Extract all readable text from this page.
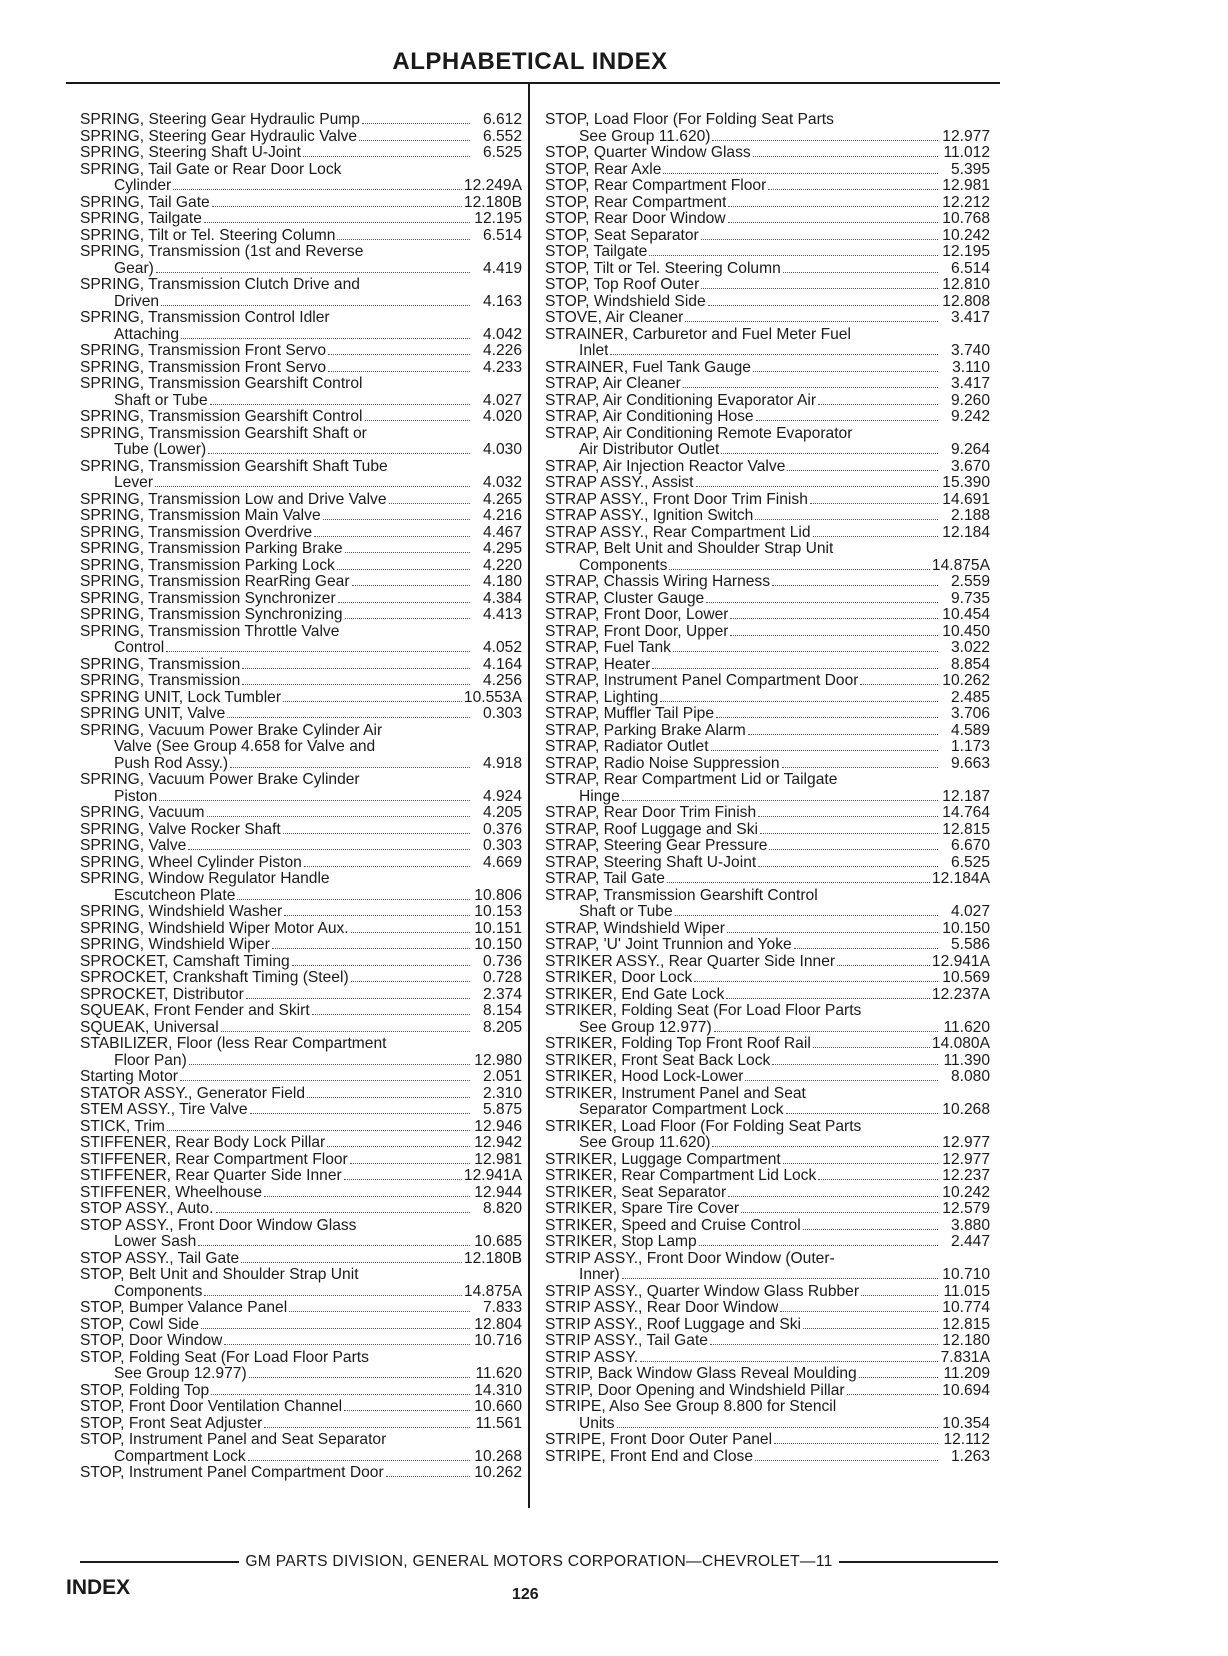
ALPHABETICAL INDEX
SPRING, Steering Gear Hydraulic Pump	6.612
SPRING, Steering Gear Hydraulic Valve	6.552
SPRING, Steering Shaft U-Joint	6.525
SPRING, Tail Gate or Rear Door Lock
Cylinder	12.249A
SPRING, Tail Gate	12.180B
SPRING, Tailgate	12.195
SPRING, Tilt or Tel. Steering Column	6.514
SPRING, Transmission (1st and Reverse
Gear)	4.419
SPRING, Transmission Clutch Drive and
Driven	4.163
SPRING, Transmission Control Idler
Attaching	4.042
SPRING, Transmission Front Servo	4.226
SPRING, Transmission Front Servo	4.233
SPRING, Transmission Gearshift Control
Shaft or Tube	4.027
SPRING, Transmission Gearshift Control	4.020
SPRING, Transmission Gearshift Shaft or
Tube (Lower)	4.030
SPRING, Transmission Gearshift Shaft Tube
Lever	4.032
SPRING, Transmission Low and Drive Valve	4.265
SPRING, Transmission Main Valve	4.216
SPRING, Transmission Overdrive	4.467
SPRING, Transmission Parking Brake	4.295
SPRING, Transmission Parking Lock	4.220
SPRING, Transmission RearRing Gear	4.180
SPRING, Transmission Synchronizer	4.384
SPRING, Transmission Synchronizing	4.413
SPRING, Transmission Throttle Valve
Control	4.052
SPRING, Transmission	4.164
SPRING, Transmission	4.256
SPRING UNIT, Lock Tumbler	10.553A
SPRING UNIT, Valve	0.303
SPRING, Vacuum Power Brake Cylinder Air
Valve (See Group 4.658 for Valve and
Push Rod Assy.)	4.918
SPRING, Vacuum Power Brake Cylinder
Piston	4.924
SPRING, Vacuum	4.205
SPRING, Valve Rocker Shaft	0.376
SPRING, Valve	0.303
SPRING, Wheel Cylinder Piston	4.669
SPRING, Window Regulator Handle
Escutcheon Plate	10.806
SPRING, Windshield Washer	10.153
SPRING, Windshield Wiper Motor Aux.	10.151
SPRING, Windshield Wiper	10.150
SPROCKET, Camshaft Timing	0.736
SPROCKET, Crankshaft Timing (Steel)	0.728
SPROCKET, Distributor	2.374
SQUEAK, Front Fender and Skirt	8.154
SQUEAK, Universal	8.205
STABILIZER, Floor (less Rear Compartment
Floor Pan)	12.980
Starting Motor	2.051
STATOR ASSY., Generator Field	2.310
STEM ASSY., Tire Valve	5.875
STICK, Trim	12.946
STIFFENER, Rear Body Lock Pillar	12.942
STIFFENER, Rear Compartment Floor	12.981
STIFFENER, Rear Quarter Side Inner	12.941A
STIFFENER, Wheelhouse	12.944
STOP ASSY., Auto.	8.820
STOP ASSY., Front Door Window Glass
Lower Sash	10.685
STOP ASSY., Tail Gate	12.180B
STOP, Belt Unit and Shoulder Strap Unit
Components	14.875A
STOP, Bumper Valance Panel	7.833
STOP, Cowl Side	12.804
STOP, Door Window	10.716
STOP, Folding Seat (For Load Floor Parts
See Group 12.977)	11.620
STOP, Folding Top	14.310
STOP, Front Door Ventilation Channel	10.660
STOP, Front Seat Adjuster	11.561
STOP, Instrument Panel and Seat Separator
Compartment Lock	10.268
STOP, Instrument Panel Compartment Door	10.262
STOP, Load Floor (For Folding Seat Parts
See Group 11.620)	12.977
STOP, Quarter Window Glass	11.012
STOP, Rear Axle	5.395
STOP, Rear Compartment Floor	12.981
STOP, Rear Compartment	12.212
STOP, Rear Door Window	10.768
STOP, Seat Separator	10.242
STOP, Tailgate	12.195
STOP, Tilt or Tel. Steering Column	6.514
STOP, Top Roof Outer	12.810
STOP, Windshield Side	12.808
STOVE, Air Cleaner	3.417
STRAINER, Carburetor and Fuel Meter Fuel
Inlet	3.740
STRAINER, Fuel Tank Gauge	3.110
STRAP, Air Cleaner	3.417
STRAP, Air Conditioning Evaporator Air	9.260
STRAP, Air Conditioning Hose	9.242
STRAP, Air Conditioning Remote Evaporator
Air Distributor Outlet	9.264
STRAP, Air Injection Reactor Valve	3.670
STRAP ASSY., Assist	15.390
STRAP ASSY., Front Door Trim Finish	14.691
STRAP ASSY., Ignition Switch	2.188
STRAP ASSY., Rear Compartment Lid	12.184
STRAP, Belt Unit and Shoulder Strap Unit
Components	14.875A
STRAP, Chassis Wiring Harness	2.559
STRAP, Cluster Gauge	9.735
STRAP, Front Door, Lower	10.454
STRAP, Front Door, Upper	10.450
STRAP, Fuel Tank	3.022
STRAP, Heater	8.854
STRAP, Instrument Panel Compartment Door	10.262
STRAP, Lighting	2.485
STRAP, Muffler Tail Pipe	3.706
STRAP, Parking Brake Alarm	4.589
STRAP, Radiator Outlet	1.173
STRAP, Radio Noise Suppression	9.663
STRAP, Rear Compartment Lid or Tailgate
Hinge	12.187
STRAP, Rear Door Trim Finish	14.764
STRAP, Roof Luggage and Ski	12.815
STRAP, Steering Gear Pressure	6.670
STRAP, Steering Shaft U-Joint	6.525
STRAP, Tail Gate	12.184A
STRAP, Transmission Gearshift Control
Shaft or Tube	4.027
STRAP, Windshield Wiper	10.150
STRAP, 'U' Joint Trunnion and Yoke	5.586
STRIKER ASSY., Rear Quarter Side Inner	12.941A
STRIKER, Door Lock	10.569
STRIKER, End Gate Lock	12.237A
STRIKER, Folding Seat (For Load Floor Parts
See Group 12.977)	11.620
STRIKER, Folding Top Front Roof Rail	14.080A
STRIKER, Front Seat Back Lock	11.390
STRIKER, Hood Lock-Lower	8.080
STRIKER, Instrument Panel and Seat
Separator Compartment Lock	10.268
STRIKER, Load Floor (For Folding Seat Parts
See Group 11.620)	12.977
STRIKER, Luggage Compartment	12.977
STRIKER, Rear Compartment Lid Lock	12.237
STRIKER, Seat Separator	10.242
STRIKER, Spare Tire Cover	12.579
STRIKER, Speed and Cruise Control	3.880
STRIKER, Stop Lamp	2.447
STRIP ASSY., Front Door Window (Outer-
Inner)	10.710
STRIP ASSY., Quarter Window Glass Rubber	11.015
STRIP ASSY., Rear Door Window	10.774
STRIP ASSY., Roof Luggage and Ski	12.815
STRIP ASSY., Tail Gate	12.180
STRIP ASSY.	7.831A
STRIP, Back Window Glass Reveal Moulding	11.209
STRIP, Door Opening and Windshield Pillar	10.694
STRIPE, Also See Group 8.800 for Stencil
Units	10.354
STRIPE, Front Door Outer Panel	12.112
STRIPE, Front End and Close	1.263
GM PARTS DIVISION, GENERAL MOTORS CORPORATION—CHEVROLET—11
INDEX	126
